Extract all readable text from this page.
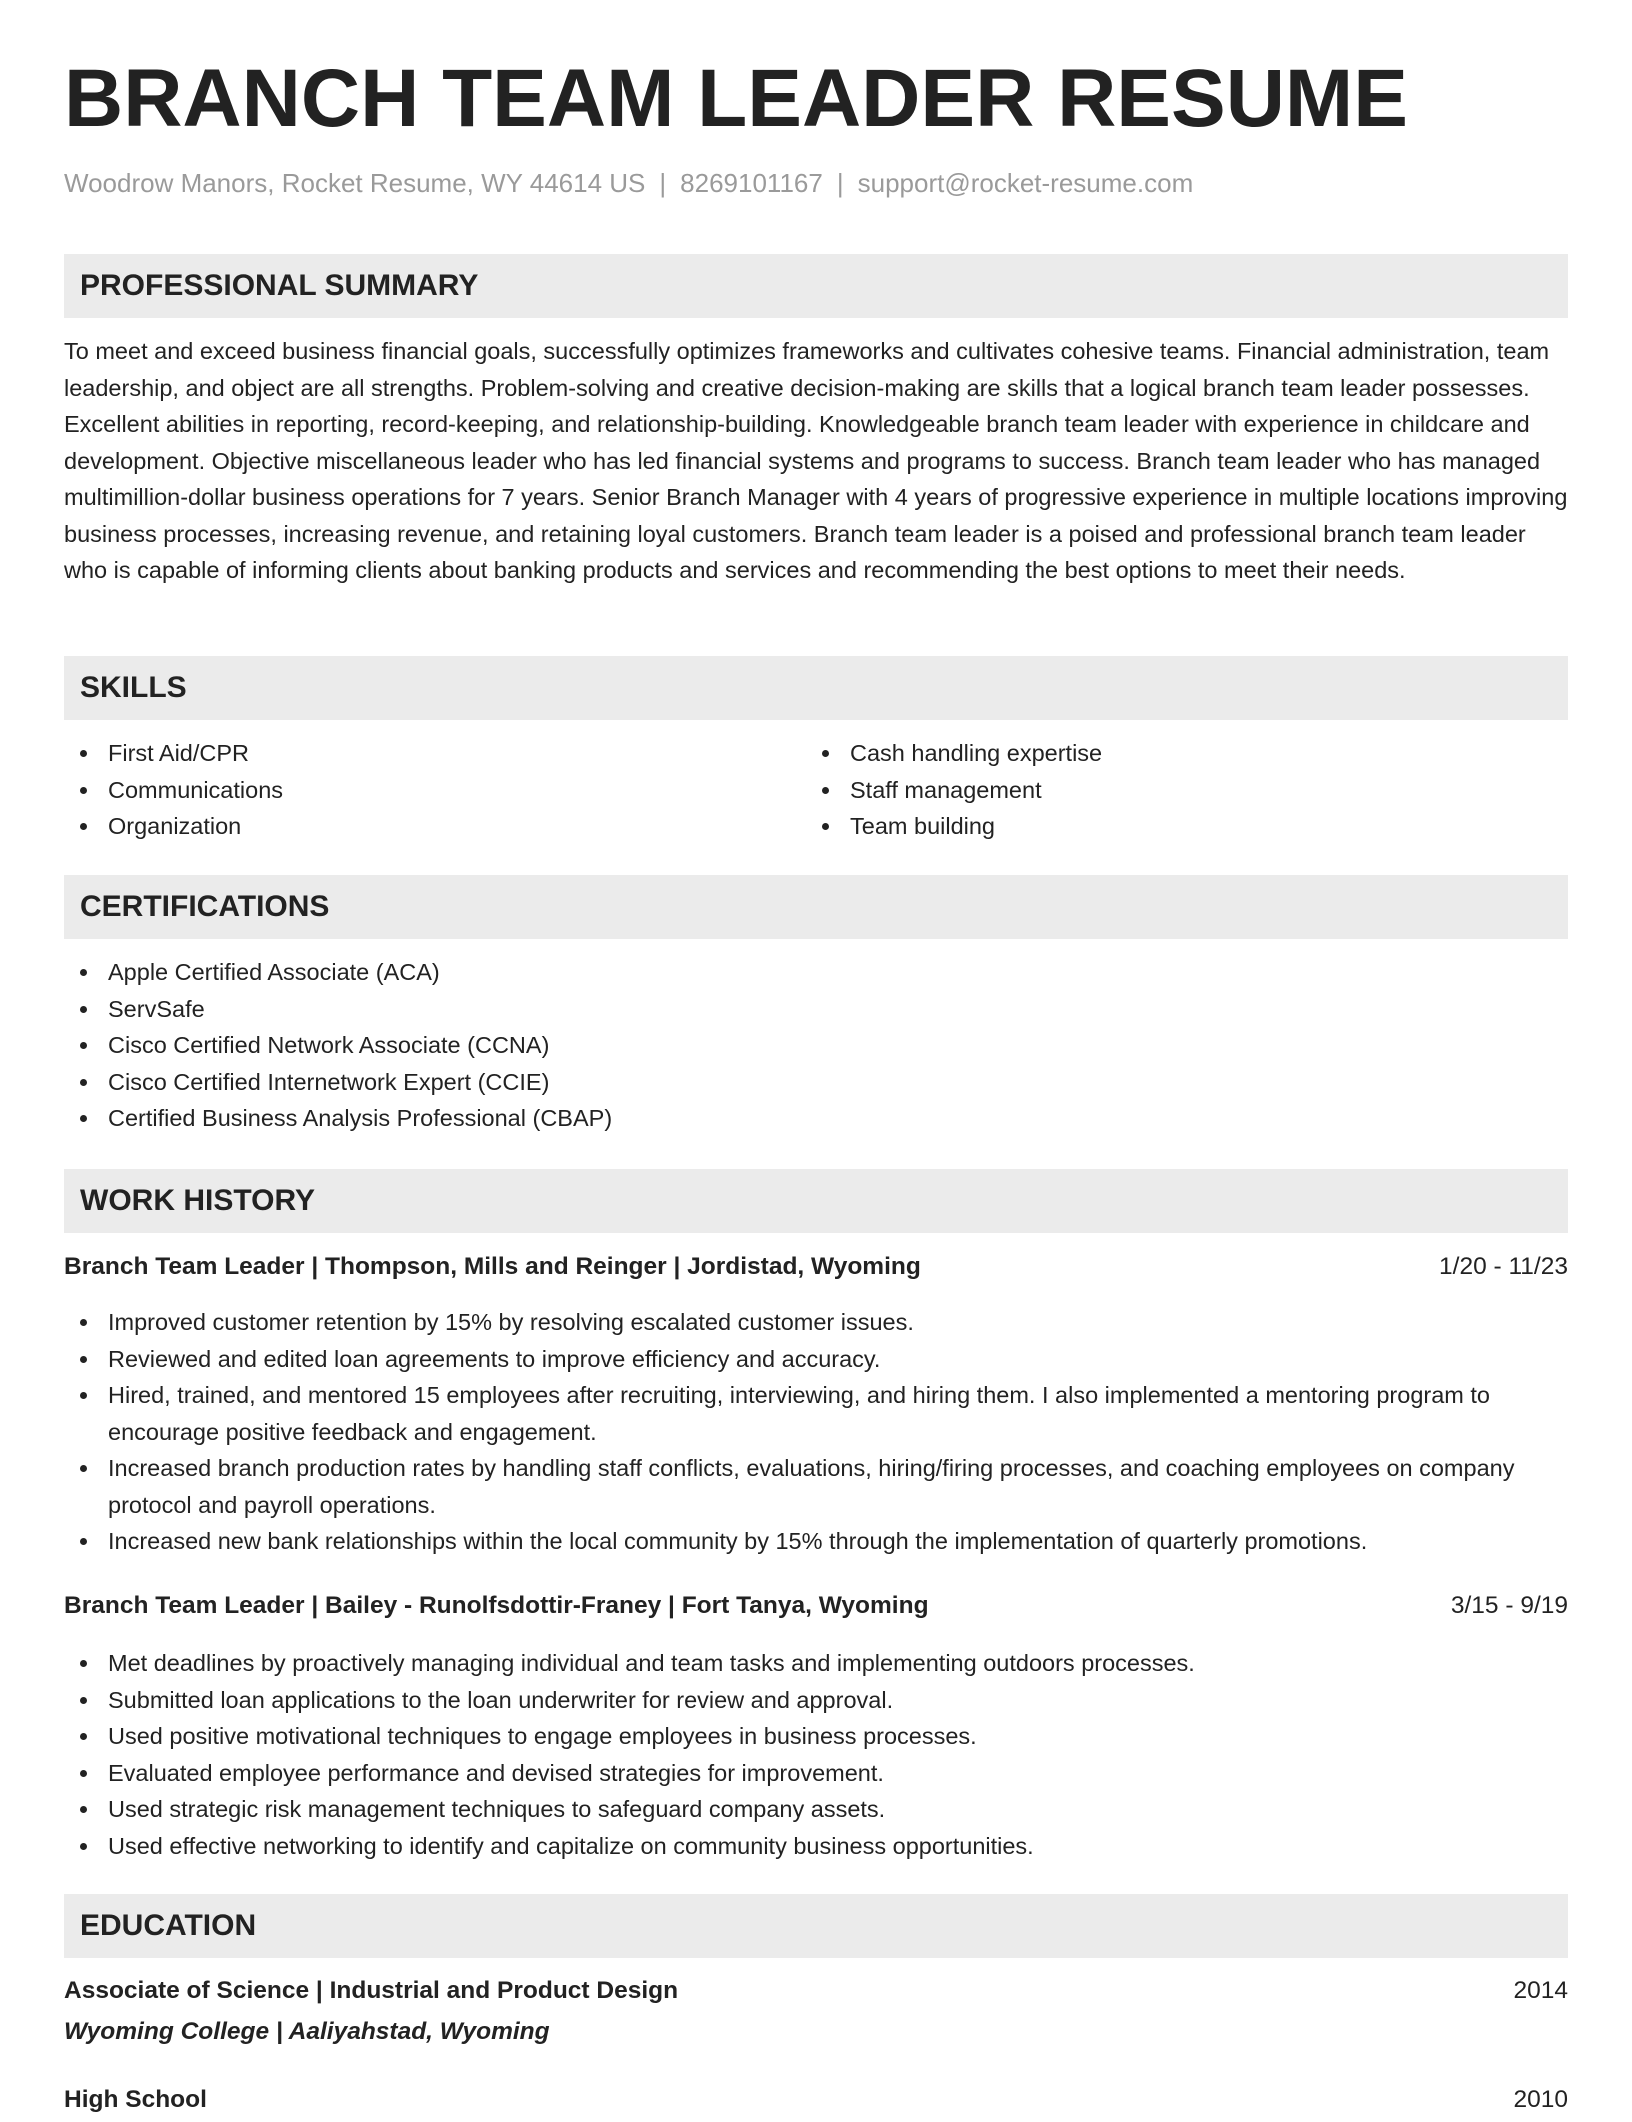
BRANCH TEAM LEADER RESUME
Woodrow Manors, Rocket Resume, WY 44614 US | 8269101167 | support@rocket-resume.com
PROFESSIONAL SUMMARY

To meet and exceed business financial goals, successfully optimizes frameworks and cultivates cohesive teams. Financial administration, team leadership, and object are all strengths. Problem-solving and creative decision-making are skills that a logical branch team leader possesses. Excellent abilities in reporting, record-keeping, and relationship-building. Knowledgeable branch team leader with experience in childcare and development. Objective miscellaneous leader who has led financial systems and programs to success. Branch team leader who has managed multimillion-dollar business operations for 7 years. Senior Branch Manager with 4 years of progressive experience in multiple locations improving business processes, increasing revenue, and retaining loyal customers. Branch team leader is a poised and professional branch team leader who is capable of informing clients about banking products and services and recommending the best options to meet their needs.

SKILLS
First Aid/CPR
Communications
Organization
Cash handling expertise
Staff management
Team building
CERTIFICATIONS
Apple Certified Associate (ACA)
ServSafe
Cisco Certified Network Associate (CCNA)
Cisco Certified Internetwork Expert (CCIE)
Certified Business Analysis Professional (CBAP)
WORK HISTORY
Branch Team Leader | Thompson, Mills and Reinger | Jordistad, Wyoming	1/20 - 11/23
Improved customer retention by 15% by resolving escalated customer issues.
Reviewed and edited loan agreements to improve efficiency and accuracy.
Hired, trained, and mentored 15 employees after recruiting, interviewing, and hiring them. I also implemented a mentoring program to encourage positive feedback and engagement.
Increased branch production rates by handling staff conflicts, evaluations, hiring/firing processes, and coaching employees on company protocol and payroll operations.
Increased new bank relationships within the local community by 15% through the implementation of quarterly promotions.
Branch Team Leader | Bailey - Runolfsdottir-Franey | Fort Tanya, Wyoming	3/15 - 9/19
Met deadlines by proactively managing individual and team tasks and implementing outdoors processes.
Submitted loan applications to the loan underwriter for review and approval.
Used positive motivational techniques to engage employees in business processes.
Evaluated employee performance and devised strategies for improvement.
Used strategic risk management techniques to safeguard company assets.
Used effective networking to identify and capitalize on community business opportunities.
EDUCATION
Associate of Science | Industrial and Product Design	2014
Wyoming College | Aaliyahstad, Wyoming
High School	2010
